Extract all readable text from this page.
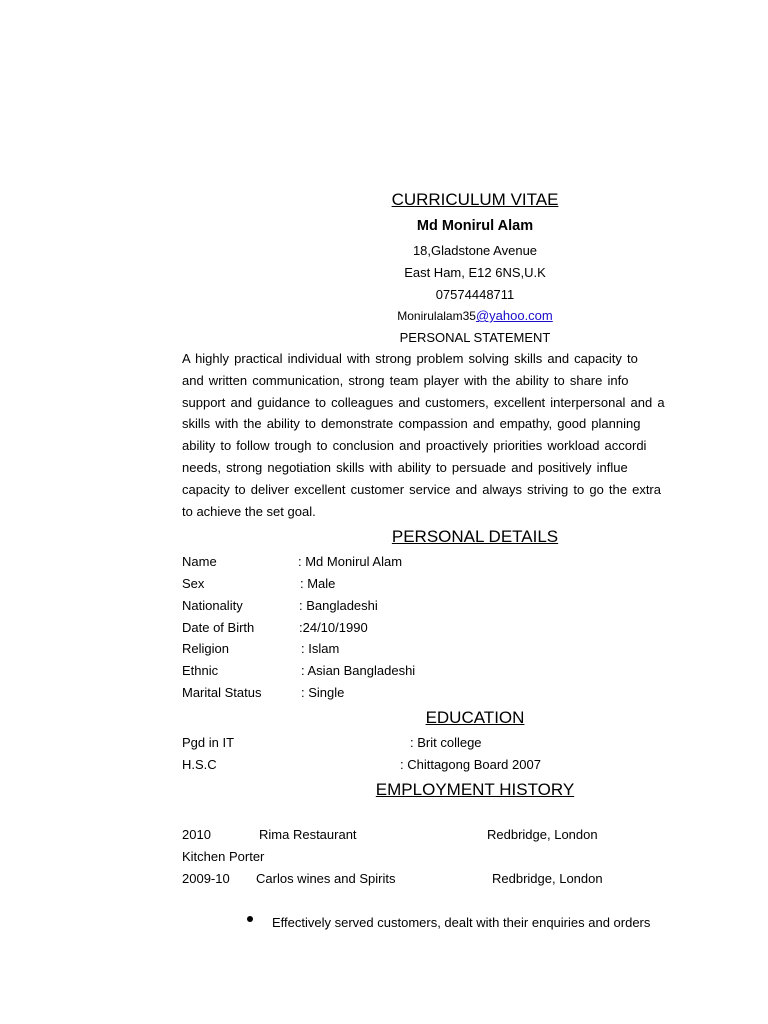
CURRICULUM VITAE
Md Monirul Alam
18,Gladstone Avenue
East Ham, E12 6NS,U.K
07574448711
Monirulalam35@yahoo.com
PERSONAL STATEMENT
A highly practical individual with strong problem solving skills and capacity to
and written communication, strong team player with the ability to share info
support and guidance to colleagues and customers, excellent interpersonal and a
skills with the ability to demonstrate compassion and empathy, good planning
ability to follow trough to conclusion and proactively priorities workload accordi
needs, strong negotiation skills with ability to persuade and positively influe
capacity to deliver excellent customer service and always striving to go the extra
to achieve the set goal.
PERSONAL DETAILS
Name	: Md Monirul Alam
Sex	: Male
Nationality	: Bangladeshi
Date of Birth	:24/10/1990
Religion	: Islam
Ethnic	: Asian Bangladeshi
Marital Status	: Single
EDUCATION
Pgd in IT	: Brit college
H.S.C	: Chittagong Board 2007
EMPLOYMENT HISTORY
2010	Rima Restaurant	Redbridge, London
Kitchen Porter
2009-10 Carlos wines and Spirits	Redbridge, London
Effectively served customers, dealt with their enquiries and orders
